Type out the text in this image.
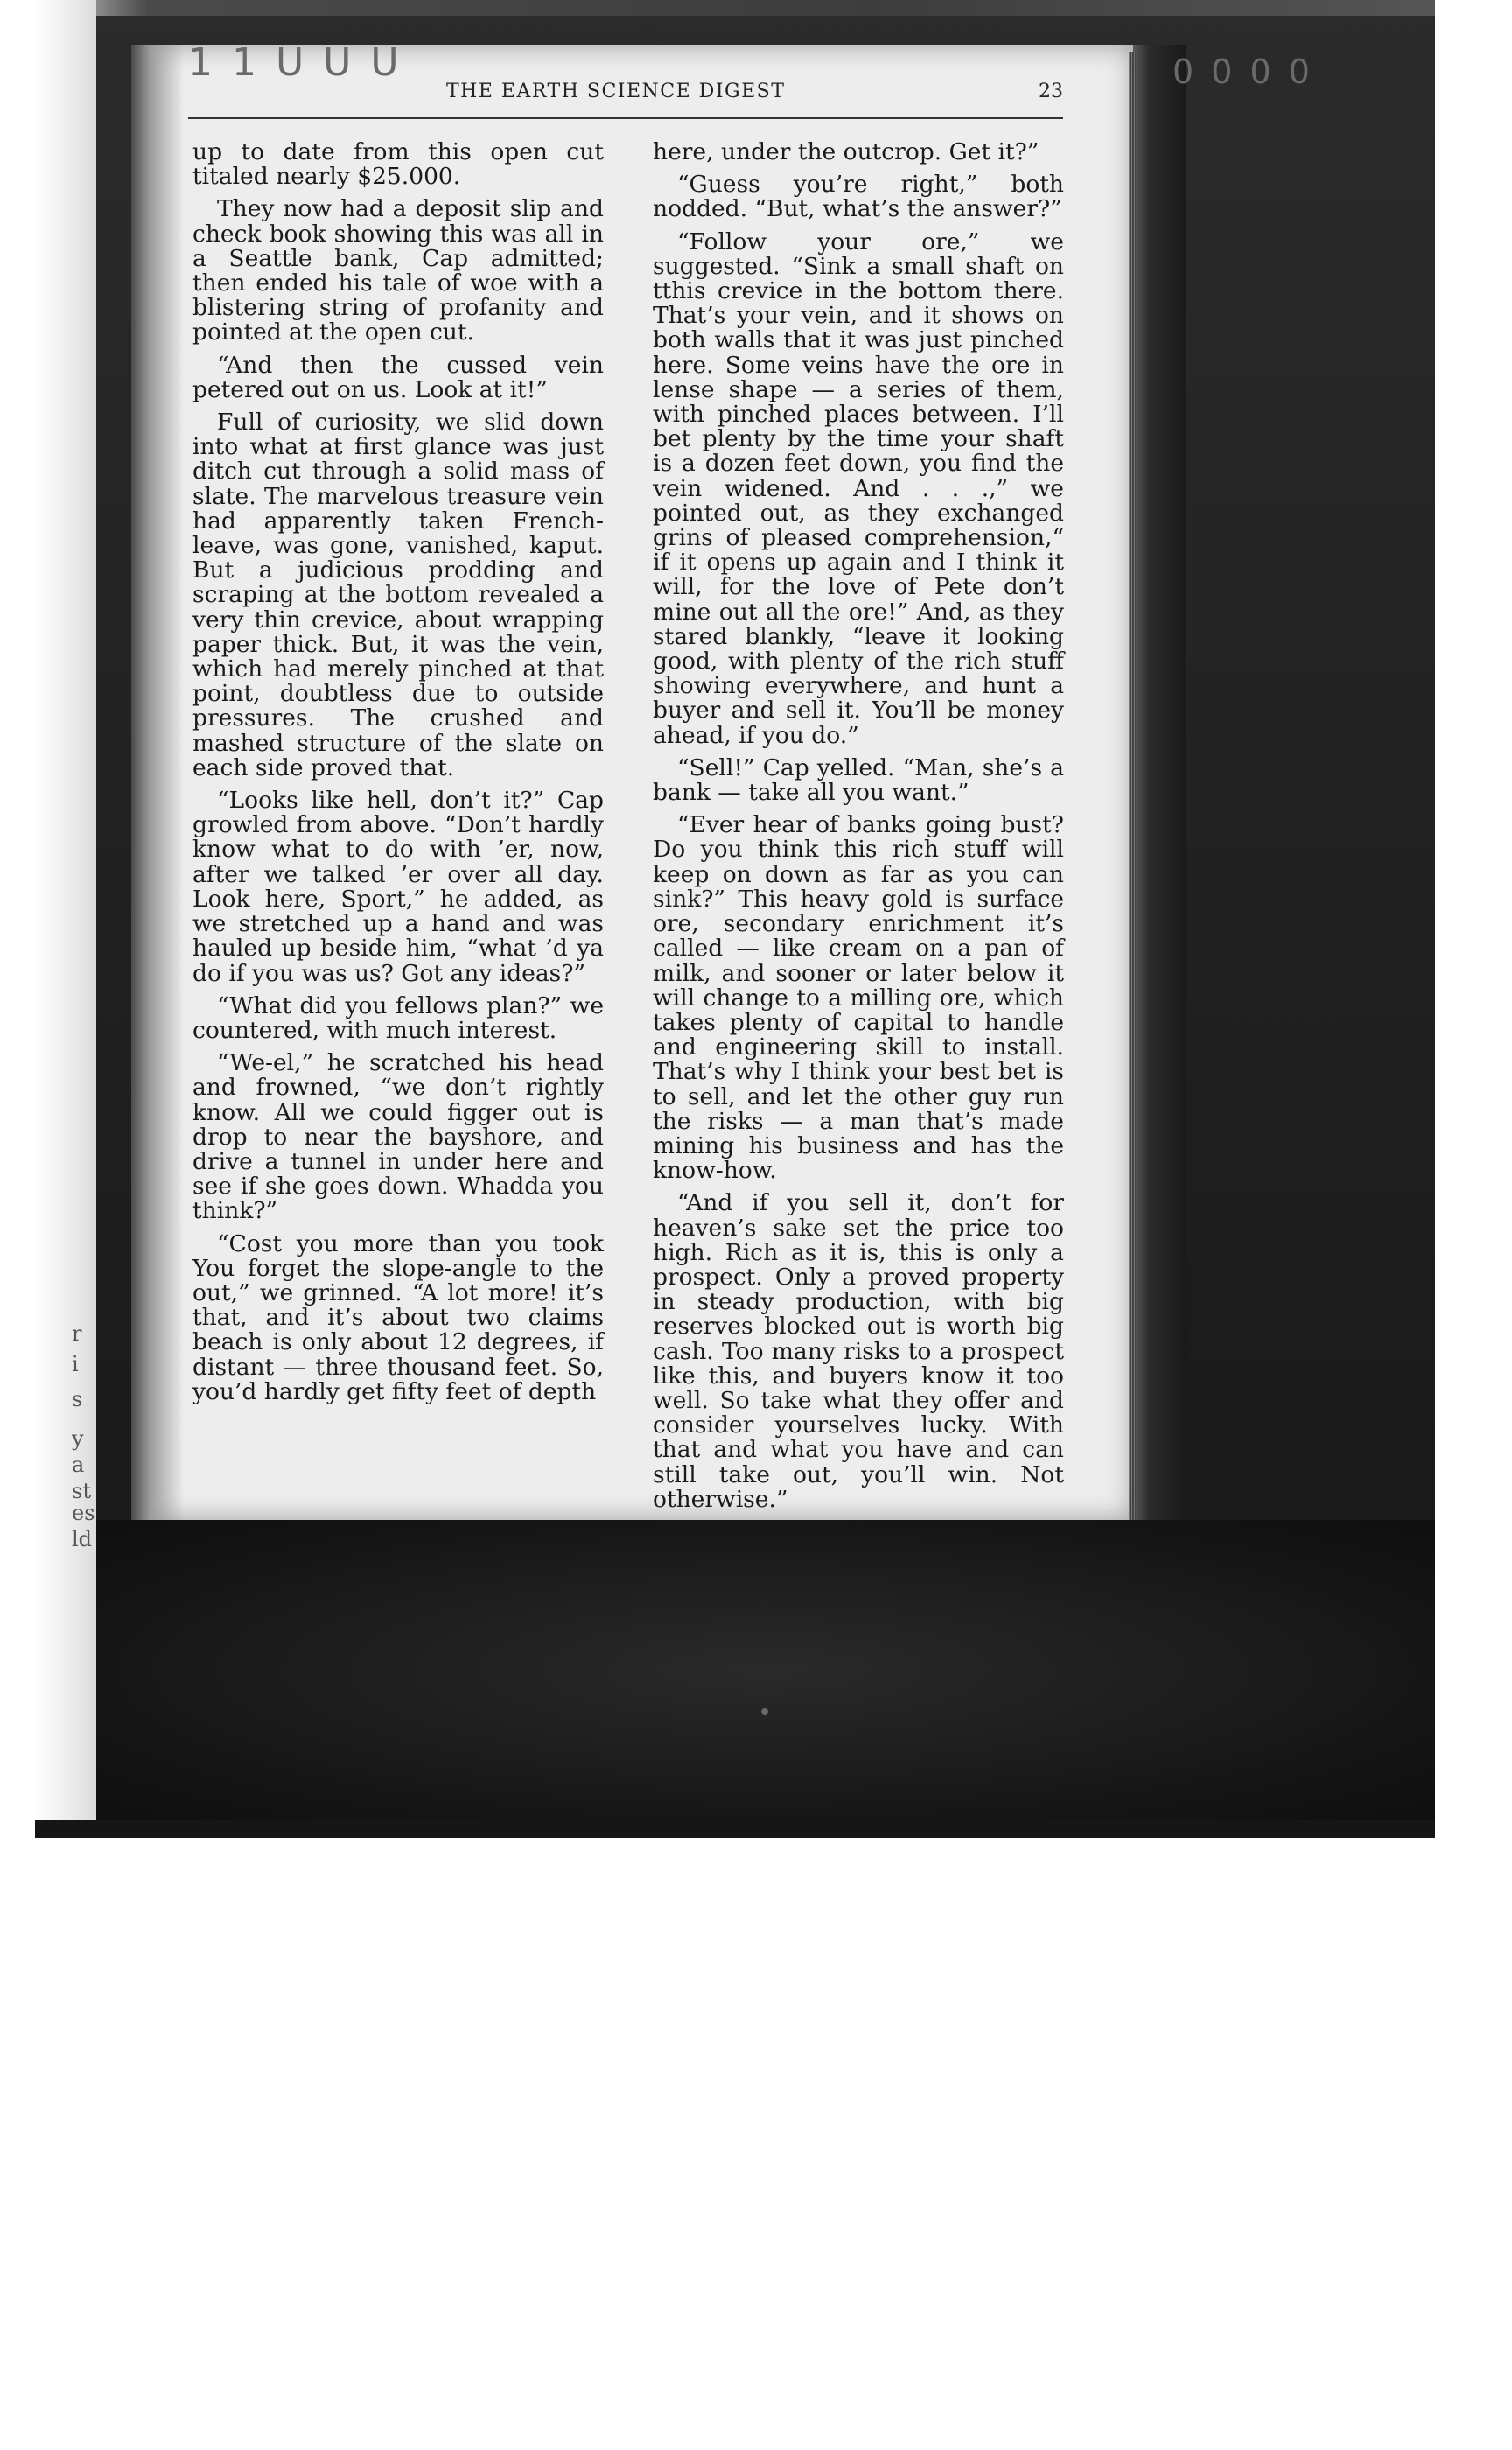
r
i
s
y
a
st
es
ld
1 1 U U U	0 0 0 0
THE EARTH SCIENCE DIGEST	23

up to date from this open cut titaled nearly $25.000.

They now had a deposit slip and check book showing this was all in a Seattle bank, Cap admitted; then ended his tale of woe with a blistering string of profanity and pointed at the open cut.

“And then the cussed vein petered out on us. Look at it!”

Full of curiosity, we slid down into what at first glance was just ditch cut through a solid mass of slate. The marvelous treasure vein had apparently taken French-leave, was gone, vanished, kaput. But a judicious prodding and scraping at the bottom revealed a very thin crevice, about wrapping paper thick. But, it was the vein, which had merely pinched at that point, doubtless due to outside pressures. The crushed and mashed structure of the slate on each side proved that.

“Looks like hell, don’t it?” Cap growled from above. “Don’t hardly know what to do with ’er, now, after we talked ’er over all day. Look here, Sport,” he added, as we stretched up a hand and was hauled up beside him, “what ’d ya do if you was us? Got any ideas?”

“What did you fellows plan?” we countered, with much interest.

“We-el,” he scratched his head and frowned, “we don’t rightly know. All we could figger out is drop to near the bayshore, and drive a tunnel in under here and see if she goes down. Whadda you think?”

“Cost you more than you took You forget the slope-angle to the out,” we grinned. “A lot more! it’s that, and it’s about two claims beach is only about 12 degrees, if distant — three thousand feet. So, you’d hardly get fifty feet of depth

here, under the outcrop. Get it?”

“Guess you’re right,” both nodded. “But, what’s the answer?”

“Follow your ore,” we suggested. “Sink a small shaft on tthis crevice in the bottom there. That’s your vein, and it shows on both walls that it was just pinched here. Some veins have the ore in lense shape — a series of them, with pinched places between. I’ll bet plenty by the time your shaft is a dozen feet down, you find the vein widened. And . . .,” we pointed out, as they exchanged grins of pleased comprehension,“ if it opens up again and I think it will, for the love of Pete don’t mine out all the ore!” And, as they stared blankly, “leave it looking good, with plenty of the rich stuff showing everywhere, and hunt a buyer and sell it. You’ll be money ahead, if you do.”

“Sell!” Cap yelled. “Man, she’s a bank — take all you want.”

“Ever hear of banks going bust? Do you think this rich stuff will keep on down as far as you can sink?” This heavy gold is surface ore, secondary enrichment it’s called — like cream on a pan of milk, and sooner or later below it will change to a milling ore, which takes plenty of capital to handle and engineering skill to install. That’s why I think your best bet is to sell, and let the other guy run the risks — a man that’s made mining his business and has the know-how.

“And if you sell it, don’t for heaven’s sake set the price too high. Rich as it is, this is only a prospect. Only a proved property in steady production, with big reserves blocked out is worth big cash. Too many risks to a prospect like this, and buyers know it too well. So take what they offer and consider yourselves lucky. With that and what you have and can still take out, you’ll win. Not otherwise.”
